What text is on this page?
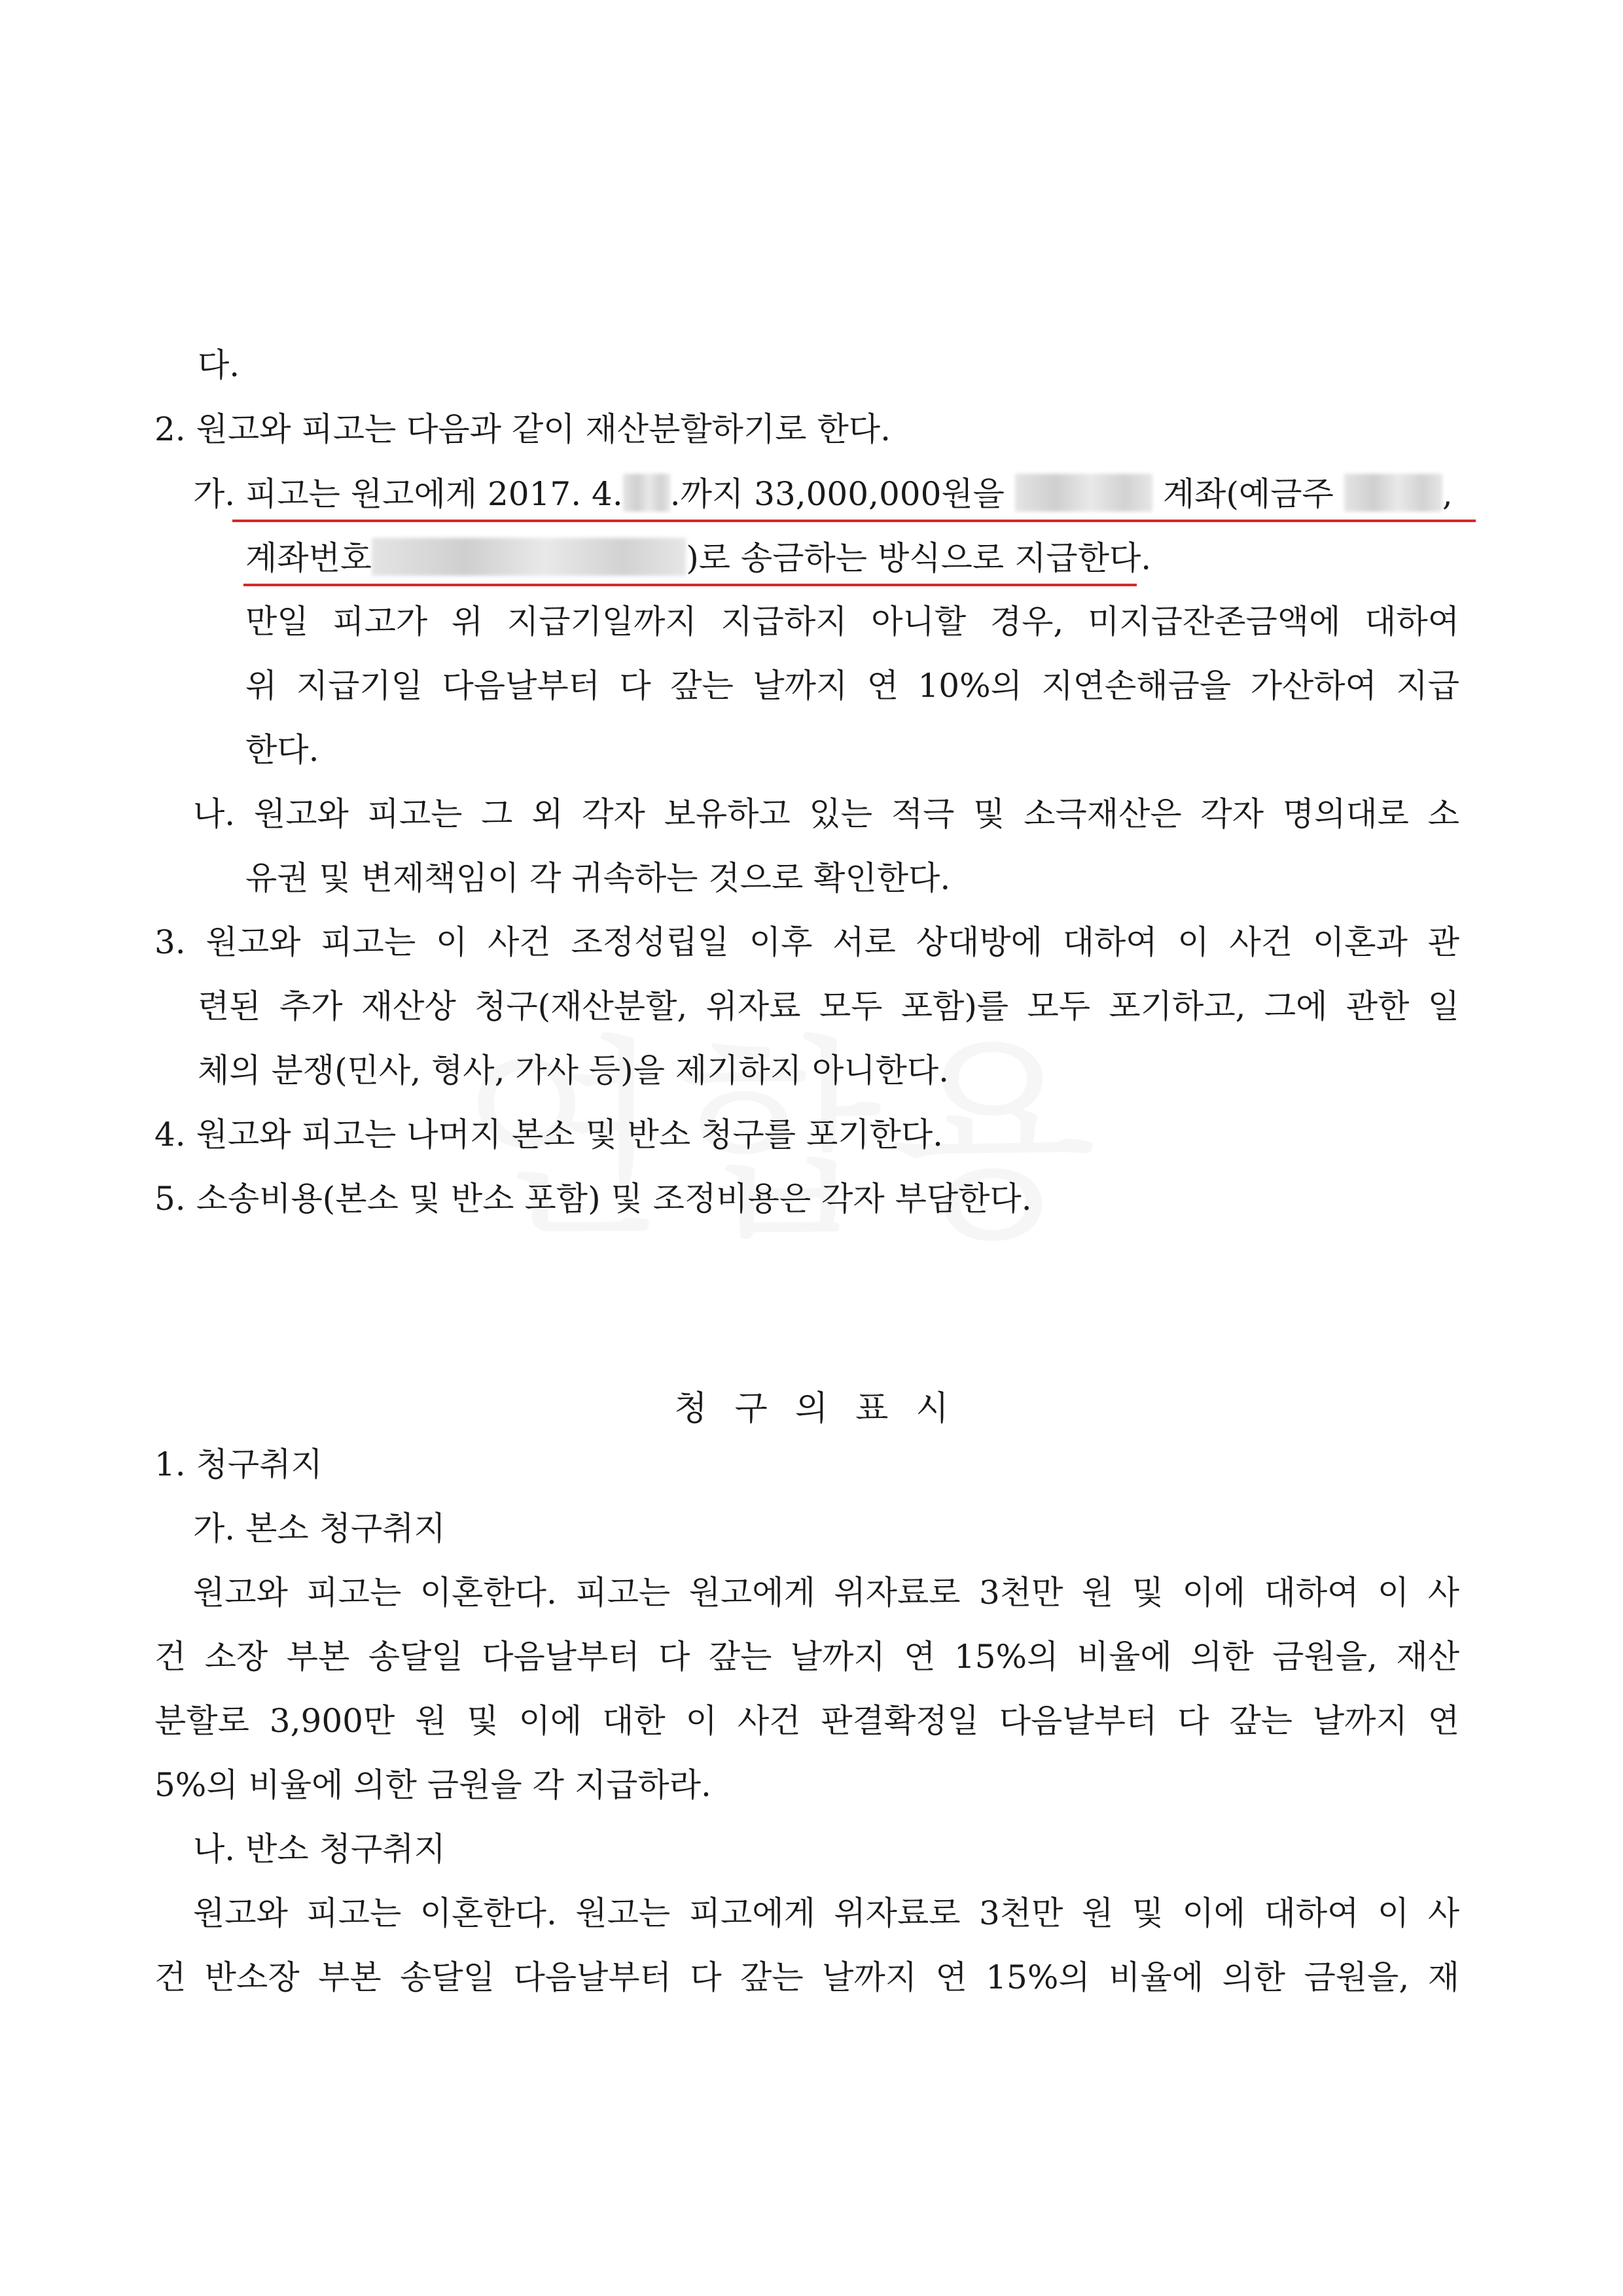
다.
2. 원고와 피고는 다음과 같이 재산분할하기로 한다.
가. 피고는 원고에게 2017. 4. .까지 33,000,000원을	계좌(예금주	,
계좌번호	)로 송금하는 방식으로 지급한다.
만일 피고가 위 지급기일까지 지급하지 아니할 경우, 미지급잔존금액에 대하여
위 지급기일 다음날부터 다 갚는 날까지 연 10%의 지연손해금을 가산하여 지급
한다.
나. 원고와 피고는 그 외 각자 보유하고 있는 적극 및 소극재산은 각자 명의대로 소
유권 및 변제책임이 각 귀속하는 것으로 확인한다.
3. 원고와 피고는 이 사건 조정성립일 이후 서로 상대방에 대하여 이 사건 이혼과 관
련된 추가 재산상 청구(재산분할, 위자료 모두 포함)를 모두 포기하고, 그에 관한 일
체의 분쟁(민사, 형사, 가사 등)을 제기하지 아니한다.
4. 원고와 피고는 나머지 본소 및 반소 청구를 포기한다.
5. 소송비용(본소 및 반소 포함) 및 조정비용은 각자 부담한다.
청구의표시
1. 청구취지
가. 본소 청구취지
원고와 피고는 이혼한다. 피고는 원고에게 위자료로 3천만 원 및 이에 대하여 이 사
건 소장 부본 송달일 다음날부터 다 갚는 날까지 연 15%의 비율에 의한 금원을, 재산
분할로 3,900만 원 및 이에 대한 이 사건 판결확정일 다음날부터 다 갚는 날까지 연
5%의 비율에 의한 금원을 각 지급하라.
나. 반소 청구취지
원고와 피고는 이혼한다. 원고는 피고에게 위자료로 3천만 원 및 이에 대하여 이 사
건 반소장 부본 송달일 다음날부터 다 갚는 날까지 연 15%의 비율에 의한 금원을, 재
